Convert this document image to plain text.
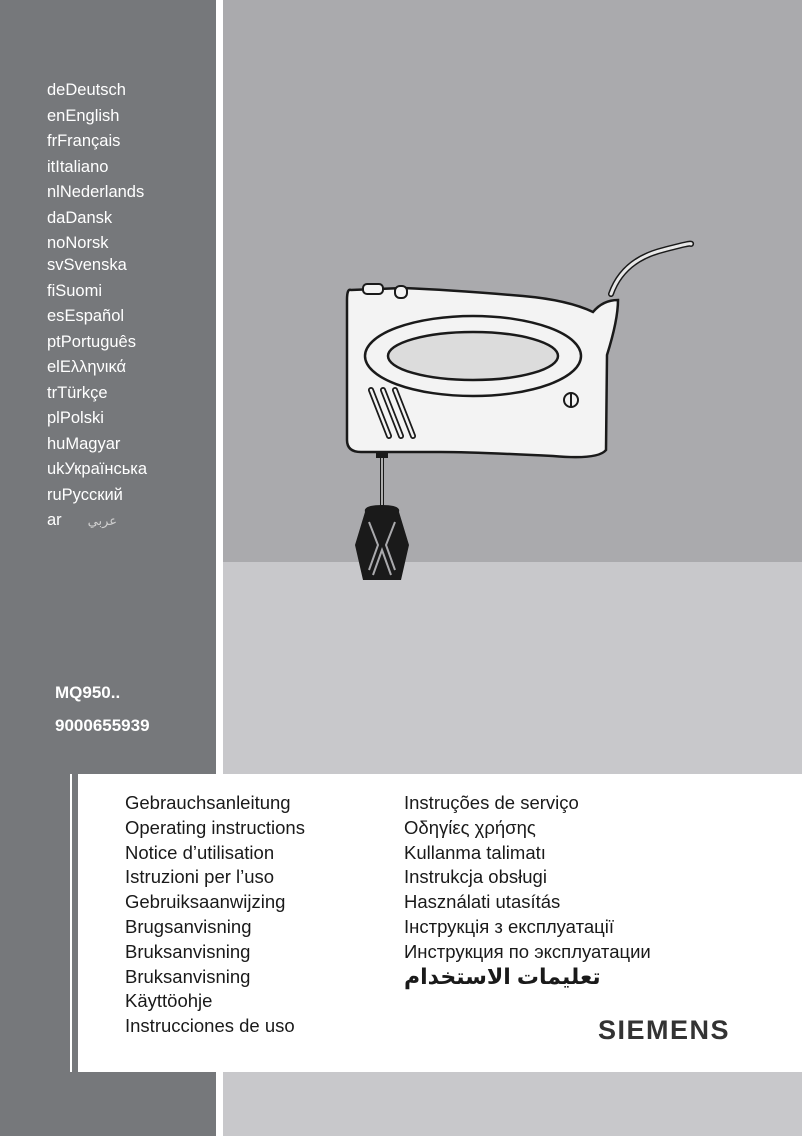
deDeutsch
enEnglish
frFrançais
itItaliano
nlNederlands
daDansk
noNorsk
svSvenska
fiSuomi
esEspañol
ptPortuguês
elΕλληνικά
trTürkçe
plPolski
huMagyar
ukУкраїнська
ruРусский
ar عربي
MQ950..
9000655939
Gebrauchsanleitung
Operating instructions
Notice d’utilisation
Istruzioni per l’uso
Gebruiksaanwijzing
Brugsanvisning
Bruksanvisning
Bruksanvisning
Käyttöohje
Instrucciones de uso
Instruções de serviço
Οδηγίες χρήσης
Kullanma talimatı
Instrukcja obsługi
Használati utasítás
Інструкція з експлуатації
Инструкция по эксплуатации
تعليمات الاستخدام
SIEMENS
